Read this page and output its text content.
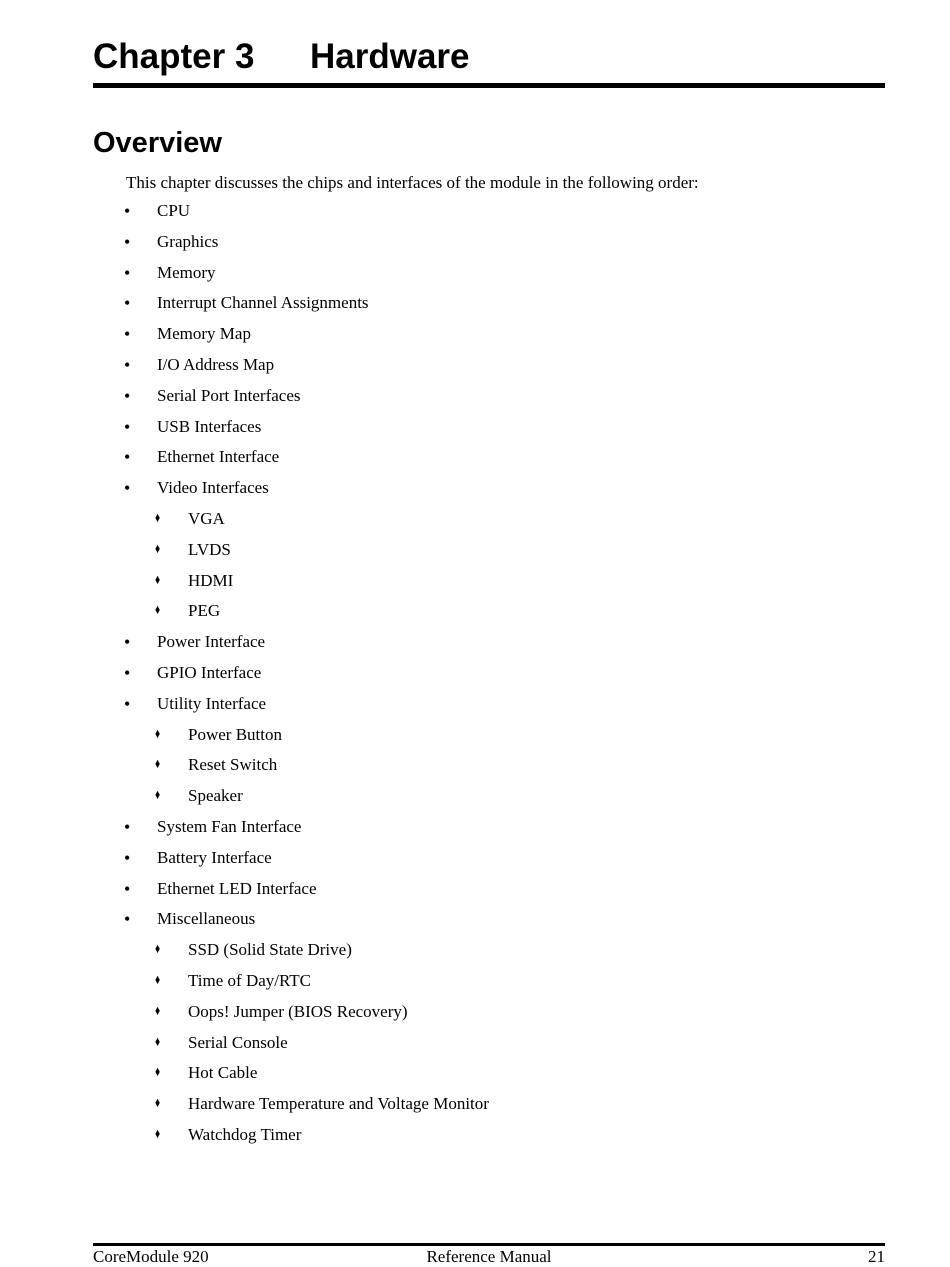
Chapter 3 Hardware
Overview

This chapter discusses the chips and interfaces of the module in the following order:

• CPU
• Graphics
• Memory
• Interrupt Channel Assignments
• Memory Map
• I/O Address Map
• Serial Port Interfaces
• USB Interfaces
• Ethernet Interface
• Video Interfaces
♦ VGA
♦ LVDS
♦ HDMI
♦ PEG
• Power Interface
• GPIO Interface
• Utility Interface
♦ Power Button
♦ Reset Switch
♦ Speaker
• System Fan Interface
• Battery Interface
• Ethernet LED Interface
• Miscellaneous
♦ SSD (Solid State Drive)
♦ Time of Day/RTC
♦ Oops! Jumper (BIOS Recovery)
♦ Serial Console
♦ Hot Cable
♦ Hardware Temperature and Voltage Monitor
♦ Watchdog Timer
CoreModule 920	Reference Manual	21
